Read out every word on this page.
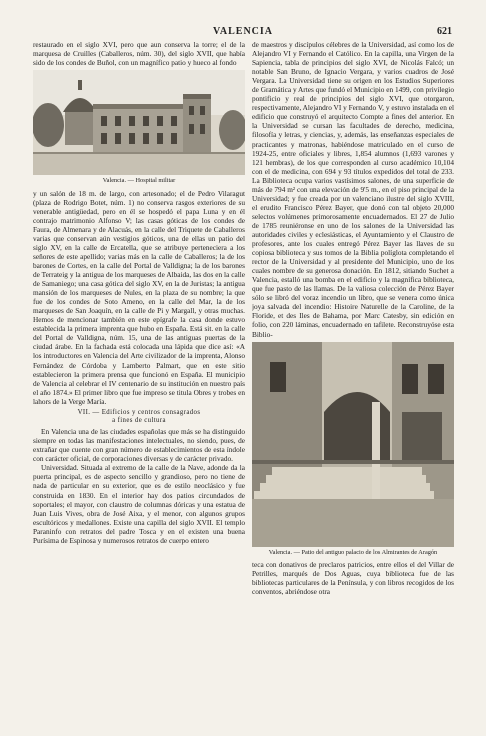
VALENCIA	621

restaurado en el siglo XVI, pero que aun conserva la torre; el de la marquesa de Cruilles (Caballeros, núm. 30), del siglo XVII, que había sido de los condes de Buñol, con un magnífico patio y hueco al fondo

Valencia. — Hospital militar

y un salón de 18 m. de largo, con artesonado; el de Pedro Vilaragut (plaza de Rodrigo Botet, núm. 1) no conserva rasgos exteriores de su venerable antigüedad, pero en él se hospedó el papa Luna y en él contrajo matrimonio Alfonso V; las casas góticas de los condes de Faura, de Almenara y de Alacuás, en la calle del Triquete de Caballeros varias que conservan aún vestigios góticos, una de ellas un patio del siglo XV, en la calle de Ercatella, que se atribuye perteneciera a los señores de este apellido; varias más en la calle de Caballeros; la de los barones de Cortes, en la calle del Portal de Valldigna; la de los barones de Terrateig y la antigua de los marqueses de Albaida, las dos en la calle de Samaniego; una casa gótica del siglo XV, en la de Juristas; la antigua mansión de los marqueses de Nules, en la plaza de su nombre; la que fue de los condes de Soto Ameno, en la calle del Mar, la de los marqueses de San Joaquín, en la calle de Pi y Margall, y otras muchas. Hemos de mencionar también en este epígrafe la casa donde estuvo establecida la primera imprenta que hubo en España. Está sit. en la calle del Portal de Valldigna, núm. 15, una de las antiguas puertas de la ciudad árabe. En la fachada está colocada una lápida que dice así: «A los introductores en Valencia del Arte civilizador de la imprenta, Alonso Fernández de Córdoba y Lamberto Palmart, que en este sitio establecieron la primera prensa que funcionó en España. El municipio de Valencia al celebrar el IV centenario de su institución en nuestro país el año 1874.» El primer libro que fue impreso se titula Obres y trobes en lahors de la Verge María.

VII. — Edificios y centros consagrados
a fines de cultura

En Valencia una de las ciudades españolas que más se ha distinguido siempre en todas las manifestaciones intelectuales, no siendo, pues, de extrañar que cuente con gran número de establecimientos de esta índole con carácter oficial, de corporaciones diversas y de carácter privado.

Universidad. Situada al extremo de la calle de la Nave, adonde da la puerta principal, es de aspecto sencillo y grandioso, pero no tiene de nada de particular en su exterior, que es de estilo neoclásico y fue construida en 1830. En el interior hay dos patios circundados de soportales; el mayor, con claustro de columnas dóricas y una estatua de Juan Luis Vives, obra de José Aixa, y el menor, con algunos grupos escultóricos y medallones. Existe una capilla del siglo XVII. El templo Paraninfo con retratos del padre Tosca y en el existen una buena Purísima de Espinosa y numerosos retratos de cuerpo entero

de maestros y discípulos célebres de la Universidad, así como los de Alejandro VI y Fernando el Católico. En la capilla, una Virgen de la Sapiencia, tabla de principios del siglo XVI, de Nicolás Falcó; un notable San Bruno, de Ignacio Vergara, y varios cuadros de José Vergara. La Universidad tiene su origen en los Estudios Superiores de Gramática y Artes que fundó el Municipio en 1499, con privilegio pontificio y real de principios del siglo XVI, que otorgaron, respectivamente, Alejandro VI y Fernando V, y estuvo instalada en el edificio que construyó el arquitecto Compte a fines del anterior. En la Universidad se cursan las facultades de derecho, medicina, filosofía y letras, y ciencias, y, además, las enseñanzas especiales de practicantes y matronas, habiéndose matriculado en el curso de 1924-25, entre oficiales y libres, 1,854 alumnos (1,693 varones y 121 hembras), de los que corresponden al curso académico 10,104 con el de medicina, con 694 y 93 títulos expedidos del total de 233. La Biblioteca ocupa varios vastísimos salones, de una superficie de más de 794 m² con una elevación de 9'5 m., en el piso principal de la Universidad; y fue creada por un valenciano ilustre del siglo XVIII, el erudito Francisco Pérez Bayer, que donó con tal objeto 20,000 selectos volúmenes primorosamente encuadernados. El 27 de Julio de 1785 reuniéronse en uno de los salones de la Universidad las autoridades civiles y eclesiásticas, el Ayuntamiento y el Claustro de profesores, ante los cuales entregó Pérez Bayer las llaves de su copiosa biblioteca y sus tomos de la Biblia políglota completando el rector de la Universidad y al presidente del Municipio, uno de los cuales nombre de su generosa donación. En 1812, sitiando Suchet a Valencia, estalló una bomba en el edificio y la magnífica biblioteca, que fue pasto de las llamas. De la valiosa colección de Pérez Bayer sólo se libró del voraz incendio un libro, que se venera como única joya salvada del incendio: Histoire Naturelle de la Caroline, de la Floride, et des Iles de Bahama, por Marc Catesby, sin edición en folio, con 220 láminas, encuadernado en tafilete. Reconstruyóse esta Biblio-

Valencia. — Patio del antiguo palacio de los Almirantes de Aragón

teca con donativos de preclaros patricios, entre ellos el del Villar de Petrilles, marqués de Dos Aguas, cuya biblioteca fue de las bibliotecas particulares de la Península, y con libros recogidos de los conventos, abriéndose otra
